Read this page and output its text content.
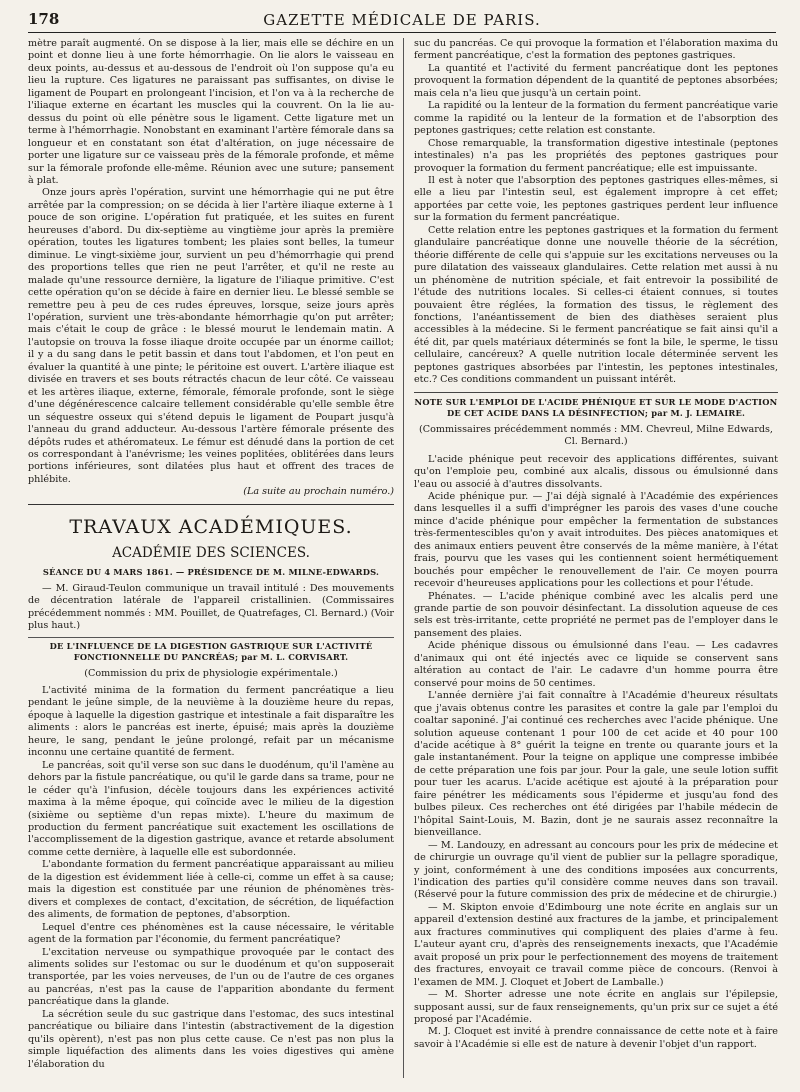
178	GAZETTE MÉDICALE DE PARIS.

mètre paraît augmenté. On se dispose à la lier, mais elle se déchire en un point et donne lieu à une forte hémorrhagie. On lie alors le vaisseau en deux points, au-dessus et au-dessous de l'endroit où l'on suppose qu'a eu lieu la rupture. Ces ligatures ne paraissant pas suffisantes, on divise le ligament de Poupart en prolongeant l'incision, et l'on va à la recherche de l'iliaque externe en écartant les muscles qui la couvrent. On la lie au-dessus du point où elle pénètre sous le ligament. Cette ligature met un terme à l'hémorrhagie. Nonobstant en examinant l'artère fémorale dans sa longueur et en constatant son état d'altération, on juge nécessaire de porter une ligature sur ce vaisseau près de la fémorale profonde, et même sur la fémorale profonde elle-même. Réunion avec une suture; pansement à plat.

Onze jours après l'opération, survint une hémorrhagie qui ne put être arrêtée par la compression; on se décida à lier l'artère iliaque externe à 1 pouce de son origine. L'opération fut pratiquée, et les suites en furent heureuses d'abord. Du dix-septième au vingtième jour après la première opération, toutes les ligatures tombent; les plaies sont belles, la tumeur diminue. Le vingt-sixième jour, survient un peu d'hémorrhagie qui prend des proportions telles que rien ne peut l'arrêter, et qu'il ne reste au malade qu'une ressource dernière, la ligature de l'iliaque primitive. C'est cette opération qu'on se décide à faire en dernier lieu. Le blessé semble se remettre peu à peu de ces rudes épreuves, lorsque, seize jours après l'opération, survient une très-abondante hémorrhagie qu'on put arrêter; mais c'était le coup de grâce : le blessé mourut le lendemain matin. A l'autopsie on trouva la fosse iliaque droite occupée par un énorme caillot; il y a du sang dans le petit bassin et dans tout l'abdomen, et l'on peut en évaluer la quantité à une pinte; le péritoine est ouvert. L'artère iliaque est divisée en travers et ses bouts rétractés chacun de leur côté. Ce vaisseau et les artères iliaque, externe, fémorale, fémorale profonde, sont le siège d'une dégénérescence calcaire tellement considérable qu'elle semble être un séquestre osseux qui s'étend depuis le ligament de Poupart jusqu'à l'anneau du grand adducteur. Au-dessous l'artère fémorale présente des dépôts rudes et athéromateux. Le fémur est dénudé dans la portion de cet os correspondant à l'anévrisme; les veines poplitées, oblitérées dans leurs portions inférieures, sont dilatées plus haut et offrent des traces de phlébite.

(La suite au prochain numéro.)

TRAVAUX ACADÉMIQUES.
ACADÉMIE DES SCIENCES.
SÉANCE DU 4 MARS 1861. — PRÉSIDENCE DE M. MILNE-EDWARDS.

— M. Giraud-Teulon communique un travail intitulé : Des mouvements de décentration latérale de l'appareil cristallinien. (Commissaires précédemment nommés : MM. Pouillet, de Quatrefages, Cl. Bernard.) (Voir plus haut.)

DE L'INFLUENCE DE LA DIGESTION GASTRIQUE SUR L'ACTIVITÉ FONCTIONNELLE DU PANCRÉAS; par M. L. CORVISART.

(Commission du prix de physiologie expérimentale.)

L'activité minima de la formation du ferment pancréatique a lieu pendant le jeûne simple, de la neuvième à la douzième heure du repas, époque à laquelle la digestion gastrique et intestinale a fait disparaître les aliments : alors le pancréas est inerte, épuisé; mais après la douzième heure, le sang, pendant le jeûne prolongé, refait par un mécanisme inconnu une certaine quantité de ferment.

Le pancréas, soit qu'il verse son suc dans le duodénum, qu'il l'amène au dehors par la fistule pancréatique, ou qu'il le garde dans sa trame, pour ne le céder qu'à l'infusion, décèle toujours dans les expériences activité maxima à la même époque, qui coïncide avec le milieu de la digestion (sixième ou septième d'un repas mixte). L'heure du maximum de production du ferment pancréatique suit exactement les oscillations de l'accomplissement de la digestion gastrique, avance et retarde absolument comme cette dernière, à laquelle elle est subordonnée.

L'abondante formation du ferment pancréatique apparaissant au milieu de la digestion est évidemment liée à celle-ci, comme un effet à sa cause; mais la digestion est constituée par une réunion de phénomènes très-divers et complexes de contact, d'excitation, de sécrétion, de liquéfaction des aliments, de formation de peptones, d'absorption.

Lequel d'entre ces phénomènes est la cause nécessaire, le véritable agent de la formation par l'économie, du ferment pancréatique?

L'excitation nerveuse ou sympathique provoquée par le contact des aliments solides sur l'estomac ou sur le duodénum et qu'on supposerait transportée, par les voies nerveuses, de l'un ou de l'autre de ces organes au pancréas, n'est pas la cause de l'apparition abondante du ferment pancréatique dans la glande.

La sécrétion seule du suc gastrique dans l'estomac, des sucs intestinal pancréatique ou biliaire dans l'intestin (abstractivement de la digestion qu'ils opèrent), n'est pas non plus cette cause. Ce n'est pas non plus la simple liquéfaction des aliments dans les voies digestives qui amène l'élaboration du

suc du pancréas. Ce qui provoque la formation et l'élaboration maxima du ferment pancréatique, c'est la formation des peptones gastriques.

La quantité et l'activité du ferment pancréatique dont les peptones provoquent la formation dépendent de la quantité de peptones absorbées; mais cela n'a lieu que jusqu'à un certain point.

La rapidité ou la lenteur de la formation du ferment pancréatique varie comme la rapidité ou la lenteur de la formation et de l'absorption des peptones gastriques; cette relation est constante.

Chose remarquable, la transformation digestive intestinale (peptones intestinales) n'a pas les propriétés des peptones gastriques pour provoquer la formation du ferment pancréatique; elle est impuissante.

Il est à noter que l'absorption des peptones gastriques elles-mêmes, si elle a lieu par l'intestin seul, est également impropre à cet effet; apportées par cette voie, les peptones gastriques perdent leur influence sur la formation du ferment pancréatique.

Cette relation entre les peptones gastriques et la formation du ferment glandulaire pancréatique donne une nouvelle théorie de la sécrétion, théorie différente de celle qui s'appuie sur les excitations nerveuses ou la pure dilatation des vaisseaux glandulaires. Cette relation met aussi à nu un phénomène de nutrition spéciale, et fait entrevoir la possibilité de l'étude des nutritions locales. Si celles-ci étaient connues, si toutes pouvaient être réglées, la formation des tissus, le règlement des fonctions, l'anéantissement de bien des diathèses seraient plus accessibles à la médecine. Si le ferment pancréatique se fait ainsi qu'il a été dit, par quels matériaux déterminés se font la bile, le sperme, le tissu cellulaire, cancéreux? A quelle nutrition locale déterminée servent les peptones gastriques absorbées par l'intestin, les peptones intestinales, etc.? Ces conditions commandent un puissant intérêt.

NOTE SUR L'EMPLOI DE L'ACIDE PHÉNIQUE ET SUR LE MODE D'ACTION DE CET ACIDE DANS LA DÉSINFECTION; par M. J. LEMAIRE.

(Commissaires précédemment nommés : MM. Chevreul, Milne Edwards, Cl. Bernard.)

L'acide phénique peut recevoir des applications différentes, suivant qu'on l'emploie peu, combiné aux alcalis, dissous ou émulsionné dans l'eau ou associé à d'autres dissolvants.

Acide phénique pur. — J'ai déjà signalé à l'Académie des expériences dans lesquelles il a suffi d'imprégner les parois des vases d'une couche mince d'acide phénique pour empêcher la fermentation de substances très-fermentescibles qu'on y avait introduites. Des pièces anatomiques et des animaux entiers peuvent être conservés de la même manière, à l'état frais, pourvu que les vases qui les contiennent soient hermétiquement bouchés pour empêcher le renouvellement de l'air. Ce moyen pourra recevoir d'heureuses applications pour les collections et pour l'étude.

Phénates. — L'acide phénique combiné avec les alcalis perd une grande partie de son pouvoir désinfectant. La dissolution aqueuse de ces sels est très-irritante, cette propriété ne permet pas de l'employer dans le pansement des plaies.

Acide phénique dissous ou émulsionné dans l'eau. — Les cadavres d'animaux qui ont été injectés avec ce liquide se conservent sans altération au contact de l'air. Le cadavre d'un homme pourra être conservé pour moins de 50 centimes.

L'année dernière j'ai fait connaître à l'Académie d'heureux résultats que j'avais obtenus contre les parasites et contre la gale par l'emploi du coaltar saponiné. J'ai continué ces recherches avec l'acide phénique. Une solution aqueuse contenant 1 pour 100 de cet acide et 40 pour 100 d'acide acétique à 8° guérit la teigne en trente ou quarante jours et la gale instantanément. Pour la teigne on applique une compresse imbibée de cette préparation une fois par jour. Pour la gale, une seule lotion suffit pour tuer les acarus. L'acide acétique est ajouté à la préparation pour faire pénétrer les médicaments sous l'épiderme et jusqu'au fond des bulbes pileux. Ces recherches ont été dirigées par l'habile médecin de l'hôpital Saint-Louis, M. Bazin, dont je ne saurais assez reconnaître la bienveillance.

— M. Landouzy, en adressant au concours pour les prix de médecine et de chirurgie un ouvrage qu'il vient de publier sur la pellagre sporadique, y joint, conformément à une des conditions imposées aux concurrents, l'indication des parties qu'il considère comme neuves dans son travail. (Réservé pour la future commission des prix de médecine et de chirurgie.)

— M. Skipton envoie d'Edimbourg une note écrite en anglais sur un appareil d'extension destiné aux fractures de la jambe, et principalement aux fractures comminutives qui compliquent des plaies d'arme à feu. L'auteur ayant cru, d'après des renseignements inexacts, que l'Académie avait proposé un prix pour le perfectionnement des moyens de traitement des fractures, envoyait ce travail comme pièce de concours. (Renvoi à l'examen de MM. J. Cloquet et Jobert de Lamballe.)

— M. Shorter adresse une note écrite en anglais sur l'épilepsie, supposant aussi, sur de faux renseignements, qu'un prix sur ce sujet a été proposé par l'Académie.

M. J. Cloquet est invité à prendre connaissance de cette note et à faire savoir à l'Académie si elle est de nature à devenir l'objet d'un rapport.
